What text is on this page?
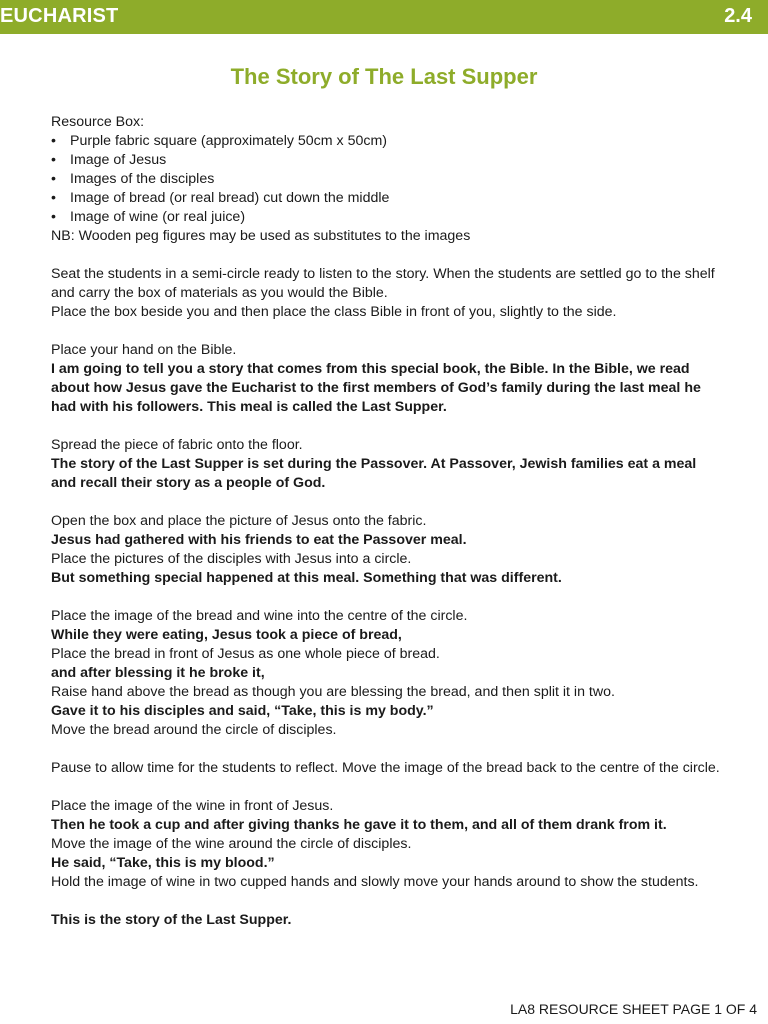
EUCHARIST	2.4
The Story of The Last Supper
Resource Box:
• Purple fabric square (approximately 50cm x 50cm)
• Image of Jesus
• Images of the disciples
• Image of bread (or real bread) cut down the middle
• Image of wine (or real juice)
NB: Wooden peg figures may be used as substitutes to the images
Seat the students in a semi-circle ready to listen to the story. When the students are settled go to the shelf and carry the box of materials as you would the Bible.
Place the box beside you and then place the class Bible in front of you, slightly to the side.
Place your hand on the Bible.
I am going to tell you a story that comes from this special book, the Bible. In the Bible, we read about how Jesus gave the Eucharist to the first members of God’s family during the last meal he had with his followers. This meal is called the Last Supper.
Spread the piece of fabric onto the floor.
The story of the Last Supper is set during the Passover. At Passover, Jewish families eat a meal and recall their story as a people of God.
Open the box and place the picture of Jesus onto the fabric.
Jesus had gathered with his friends to eat the Passover meal.
Place the pictures of the disciples with Jesus into a circle.
But something special happened at this meal. Something that was different.
Place the image of the bread and wine into the centre of the circle.
While they were eating, Jesus took a piece of bread,
Place the bread in front of Jesus as one whole piece of bread.
and after blessing it he broke it,
Raise hand above the bread as though you are blessing the bread, and then split it in two.
Gave it to his disciples and said, “Take, this is my body.”
Move the bread around the circle of disciples.
Pause to allow time for the students to reflect. Move the image of the bread back to the centre of the circle.
Place the image of the wine in front of Jesus.
Then he took a cup and after giving thanks he gave it to them, and all of them drank from it.
Move the image of the wine around the circle of disciples.
He said, “Take, this is my blood.”
Hold the image of wine in two cupped hands and slowly move your hands around to show the students.
This is the story of the Last Supper.
LA8 RESOURCE SHEET PAGE 1 OF 4
